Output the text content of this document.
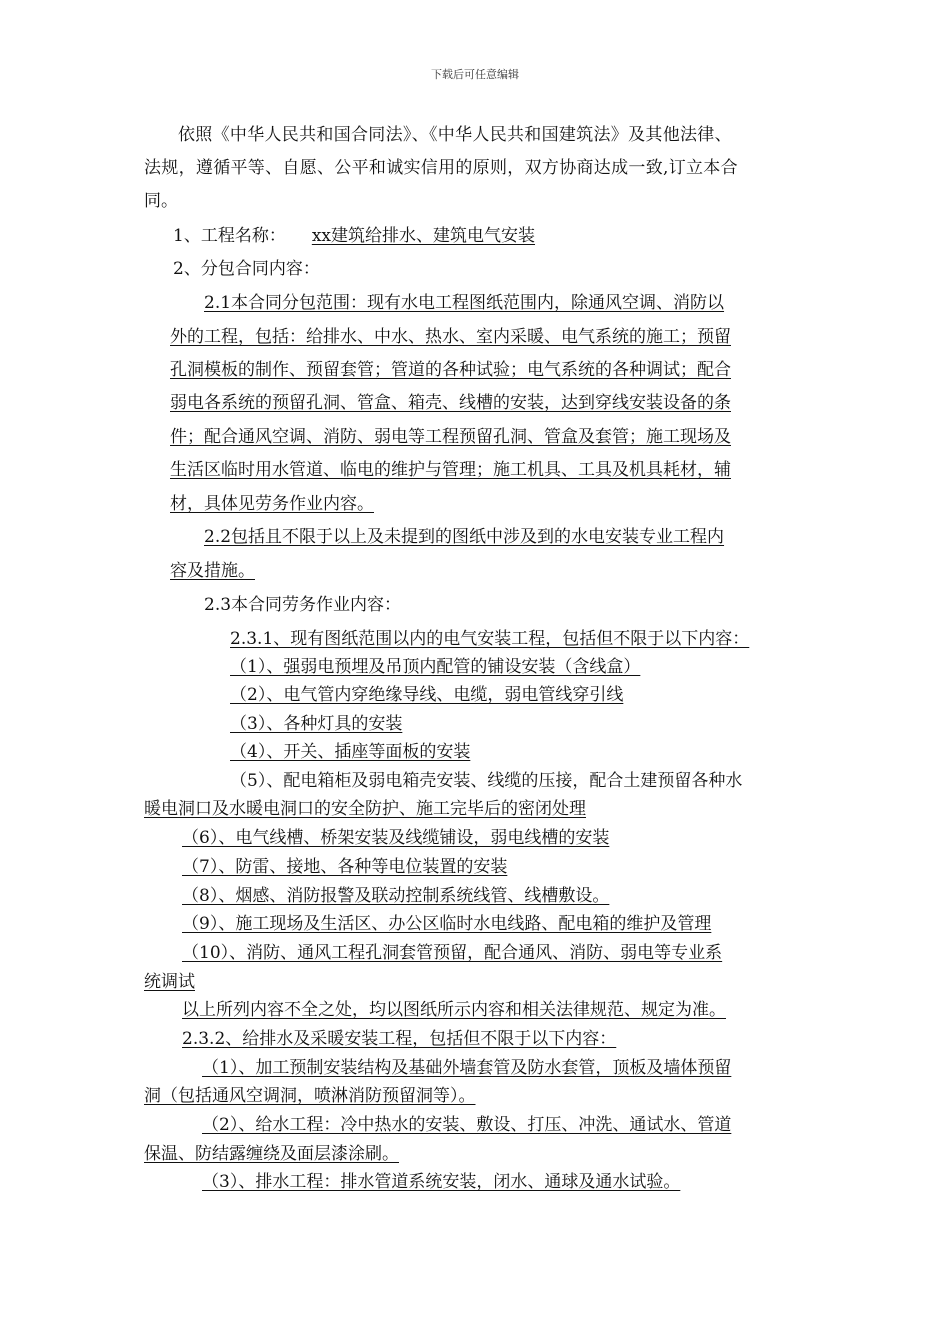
下载后可任意编辑
依照《中华人民共和国合同法》、《中华人民共和国建筑法》及其他法律、
法规，遵循平等、自愿、公平和诚实信用的原则，双方协商达成一致,订立本合
同。
1、工程名称： xx建筑给排水、建筑电气安装
2、分包合同内容：
2.1本合同分包范围：现有水电工程图纸范围内，除通风空调、消防以
外的工程，包括：给排水、中水、热水、室内采暖、电气系统的施工；预留
孔洞模板的制作、预留套管；管道的各种试验；电气系统的各种调试；配合
弱电各系统的预留孔洞、管盒、箱壳、线槽的安装，达到穿线安装设备的条
件；配合通风空调、消防、弱电等工程预留孔洞、管盒及套管；施工现场及
生活区临时用水管道、临电的维护与管理；施工机具、工具及机具耗材，辅
材，具体见劳务作业内容。
2.2包括且不限于以上及未提到的图纸中涉及到的水电安装专业工程内
容及措施。
2.3本合同劳务作业内容：
2.3.1、现有图纸范围以内的电气安装工程，包括但不限于以下内容：
（1）、强弱电预埋及吊顶内配管的铺设安装（含线盒）
（2）、电气管内穿绝缘导线、电缆，弱电管线穿引线
（3）、各种灯具的安装
（4）、开关、插座等面板的安装
（5）、配电箱柜及弱电箱壳安装、线缆的压接，配合土建预留各种水
暖电洞口及水暖电洞口的安全防护、施工完毕后的密闭处理
（6）、电气线槽、桥架安装及线缆铺设，弱电线槽的安装
（7）、防雷、接地、各种等电位装置的安装
（8）、烟感、消防报警及联动控制系统线管、线槽敷设。
（9）、施工现场及生活区、办公区临时水电线路、配电箱的维护及管理
（10）、消防、通风工程孔洞套管预留，配合通风、消防、弱电等专业系
统调试
以上所列内容不全之处，均以图纸所示内容和相关法律规范、规定为准。
2.3.2、给排水及采暖安装工程，包括但不限于以下内容：
（1）、加工预制安装结构及基础外墙套管及防水套管，顶板及墙体预留
洞（包括通风空调洞，喷淋消防预留洞等）。
（2）、给水工程：冷中热水的安装、敷设、打压、冲洗、通试水、管道
保温、防结露缠绕及面层漆涂刷。
（3）、排水工程：排水管道系统安装，闭水、通球及通水试验。
